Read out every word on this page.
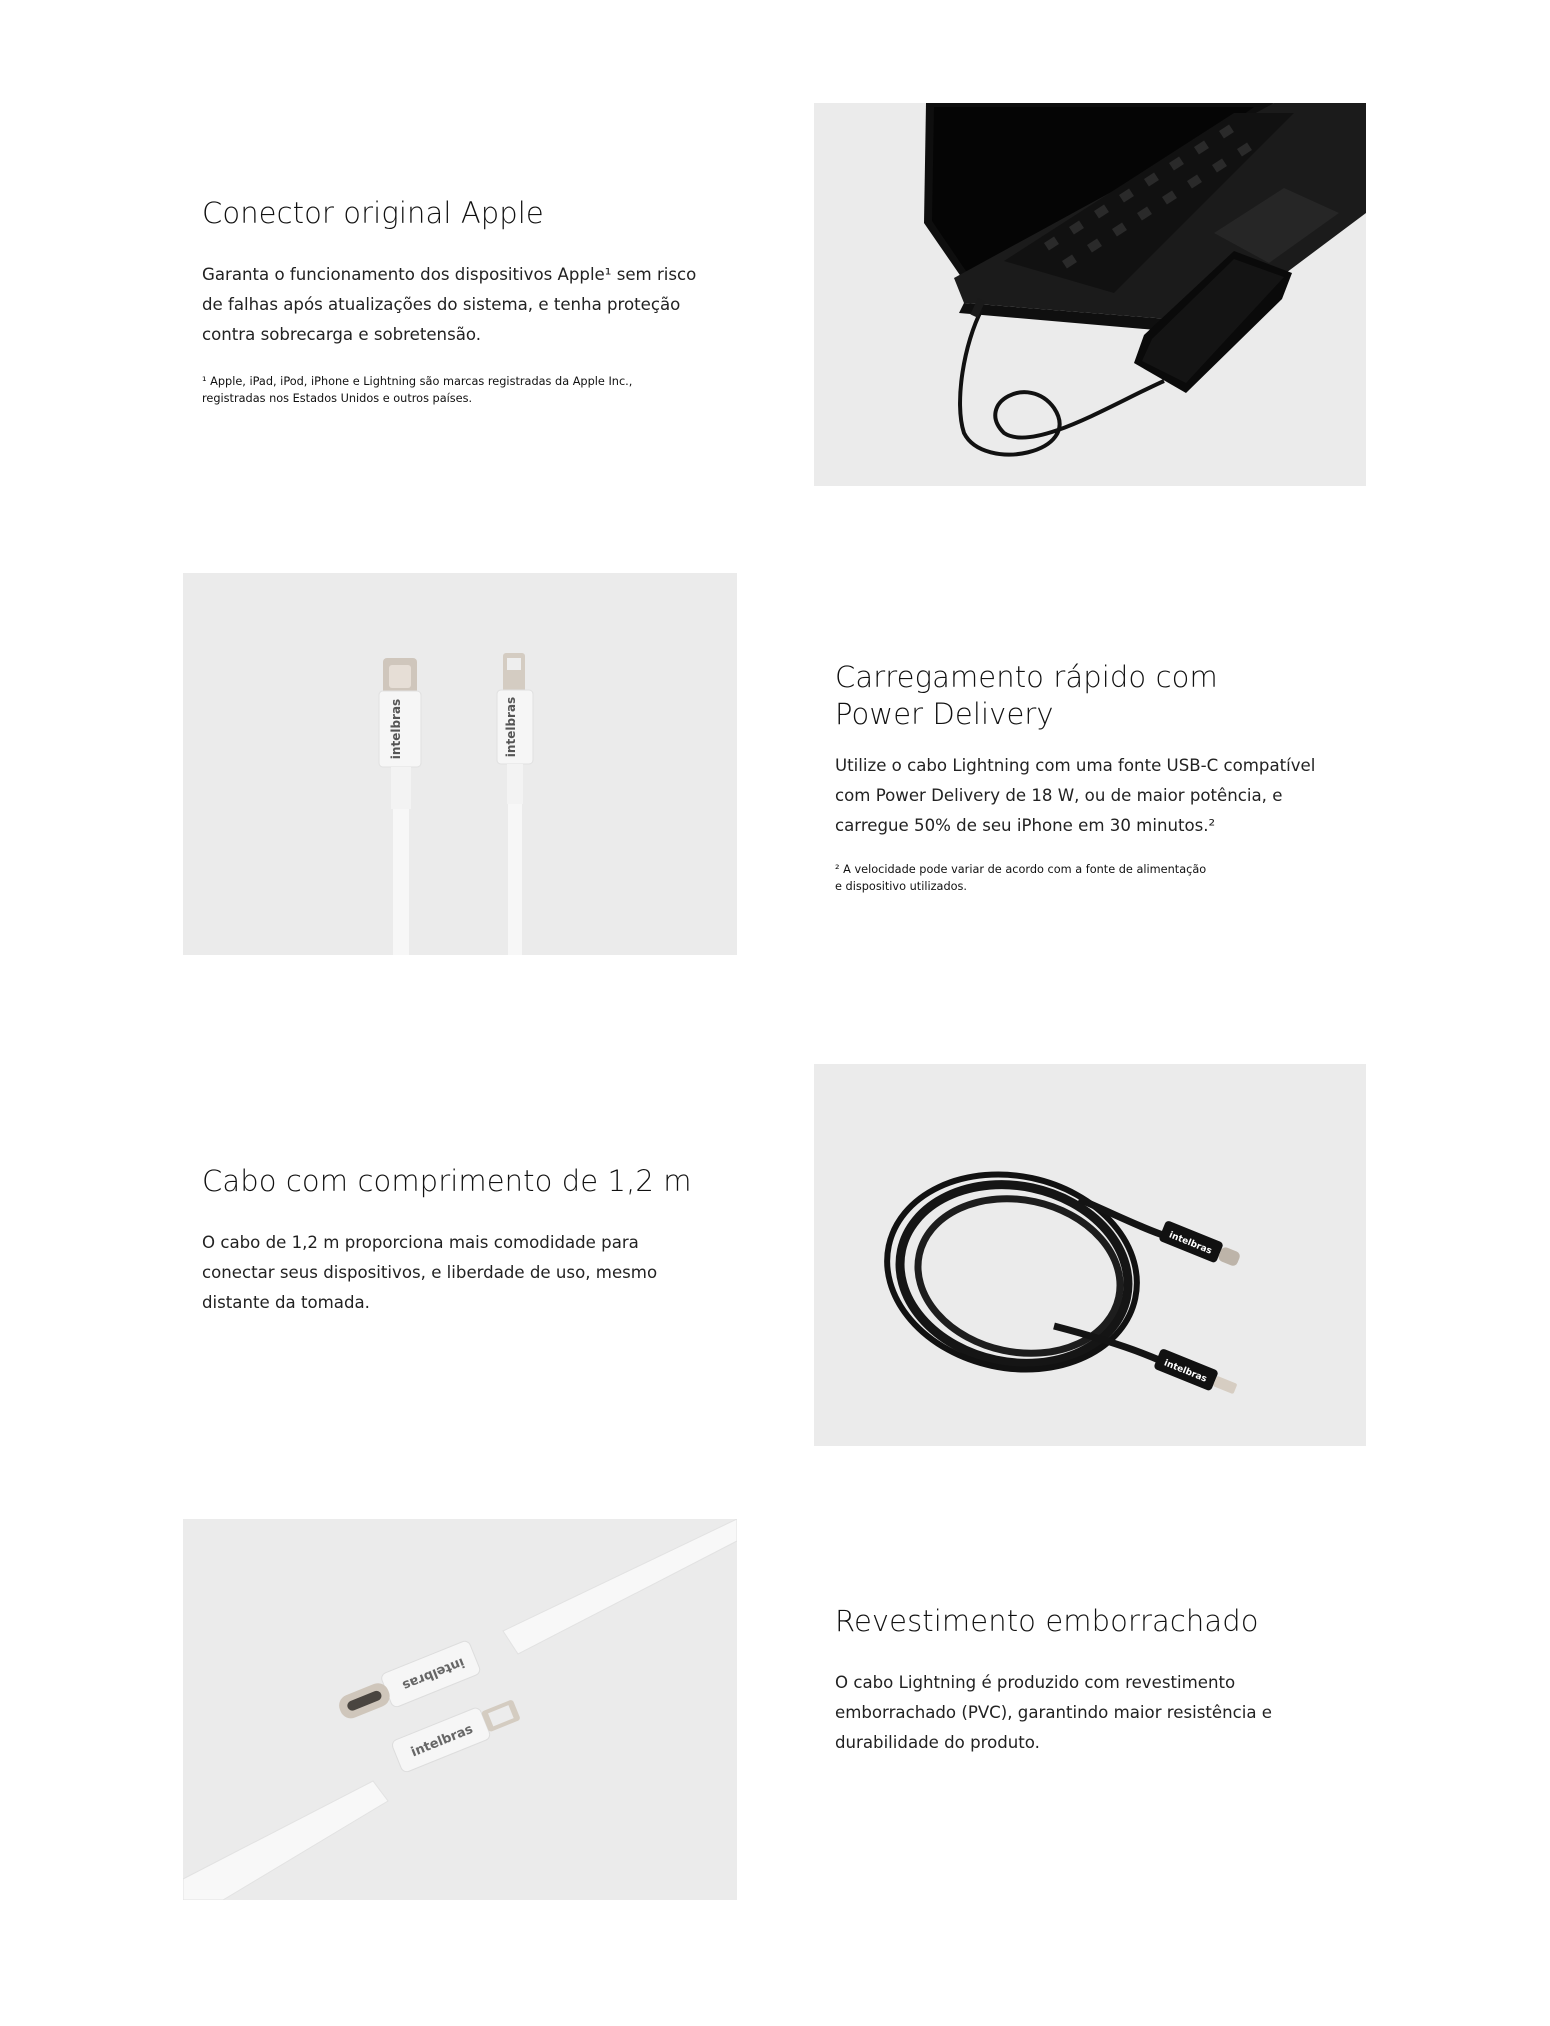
Conector original Apple

Garanta o funcionamento dos dispositivos Apple¹ sem risco
de falhas após atualizações do sistema, e tenha proteção
contra sobrecarga e sobretensão.

¹ Apple, iPad, iPod, iPhone e Lightning são marcas registradas da Apple Inc.,
registradas nos Estados Unidos e outros países.

intelbras	intelbras
Carregamento rápido com
Power Delivery

Utilize o cabo Lightning com uma fonte USB-C compatível
com Power Delivery de 18 W, ou de maior potência, e
carregue 50% de seu iPhone em 30 minutos.²

² A velocidade pode variar de acordo com a fonte de alimentação
e dispositivo utilizados.

Cabo com comprimento de 1,2 m

O cabo de 1,2 m proporciona mais comodidade para
conectar seus dispositivos, e liberdade de uso, mesmo
distante da tomada.

intelbras
intelbras
intelbras
intelbras
Revestimento emborrachado

O cabo Lightning é produzido com revestimento
emborrachado (PVC), garantindo maior resistência e
durabilidade do produto.
